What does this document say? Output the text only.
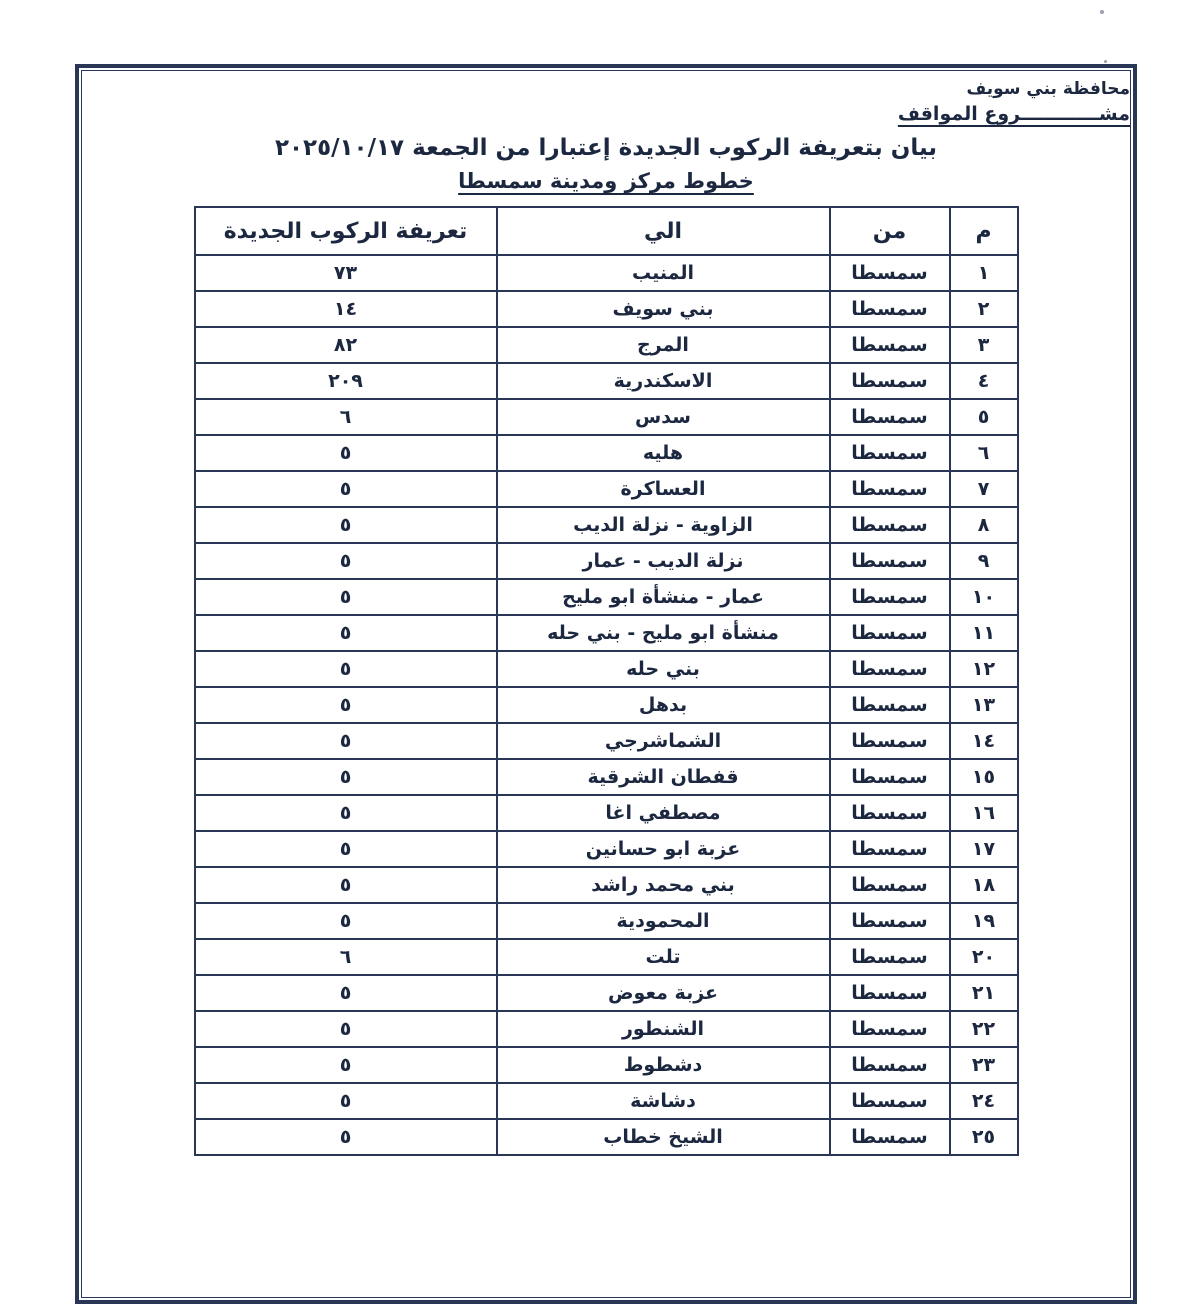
محافظة بني سويف
مشــــــــــــروع المواقف
بيان بتعريفة الركوب الجديدة إعتبارا من الجمعة ٢٠٢٥/١٠/١٧
خطوط مركز ومدينة سمسطا
م	من	الي	تعريفة الركوب الجديدة
١	سمسطا	المنيب	٧٣
٢	سمسطا	بني سويف	١٤
٣	سمسطا	المرج	٨٢
٤	سمسطا	الاسكندرية	٢٠٩
٥	سمسطا	سدس	٦
٦	سمسطا	هليه	٥
٧	سمسطا	العساكرة	٥
٨	سمسطا	الزاوية - نزلة الديب	٥
٩	سمسطا	نزلة الديب - عمار	٥
١٠	سمسطا	عمار - منشأة ابو مليح	٥
١١	سمسطا	منشأة ابو مليح - بني حله	٥
١٢	سمسطا	بني حله	٥
١٣	سمسطا	بدهل	٥
١٤	سمسطا	الشماشرجي	٥
١٥	سمسطا	قفطان الشرقية	٥
١٦	سمسطا	مصطفي اغا	٥
١٧	سمسطا	عزبة ابو حسانين	٥
١٨	سمسطا	بني محمد راشد	٥
١٩	سمسطا	المحمودية	٥
٢٠	سمسطا	تلت	٦
٢١	سمسطا	عزبة معوض	٥
٢٢	سمسطا	الشنطور	٥
٢٣	سمسطا	دشطوط	٥
٢٤	سمسطا	دشاشة	٥
٢٥	سمسطا	الشيخ خطاب	٥
